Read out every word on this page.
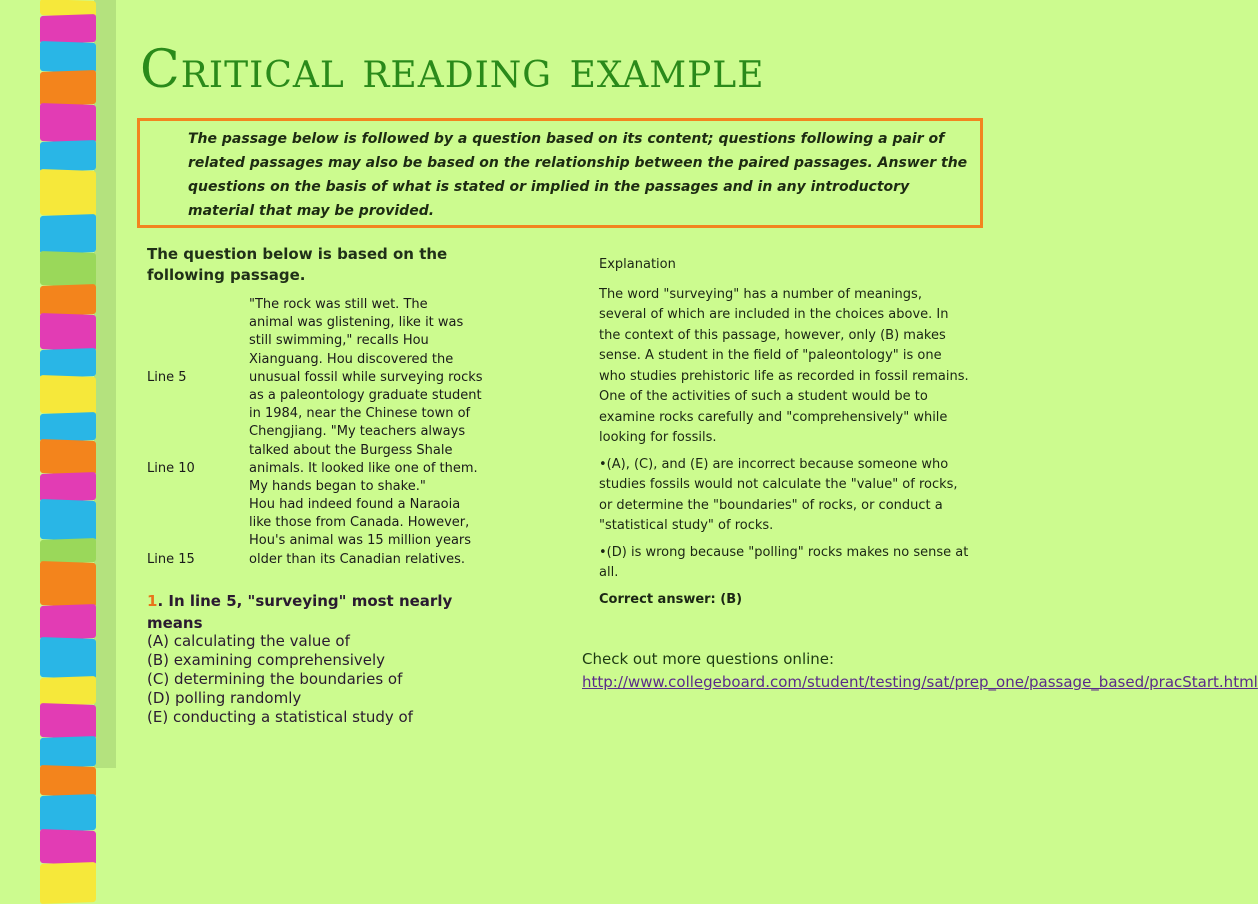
Critical reading example
The passage below is followed by a question based on its content; questions following a pair of related passages may also be based on the relationship between the paired passages. Answer the questions on the basis of what is stated or implied in the passages and in any introductory material that may be provided.
The question below is based on the following passage.
"The rock was still wet. The
animal was glistening, like it was
still swimming," recalls Hou
Xianguang. Hou discovered the
Line 5	unusual fossil while surveying rocks
as a paleontology graduate student
in 1984, near the Chinese town of
Chengjiang. "My teachers always
talked about the Burgess Shale
Line 10	animals. It looked like one of them.
My hands began to shake."
Hou had indeed found a Naraoia
like those from Canada. However,
Hou's animal was 15 million years
Line 15	older than its Canadian relatives.
1. In line 5, "surveying" most nearly means
(A) calculating the value of
(B) examining comprehensively
(C) determining the boundaries of
(D) polling randomly
(E) conducting a statistical study of
Explanation

The word "surveying" has a number of meanings, several of which are included in the choices above. In the context of this passage, however, only (B) makes sense. A student in the field of "paleontology" is one who studies prehistoric life as recorded in fossil remains. One of the activities of such a student would be to examine rocks carefully and "comprehensively" while looking for fossils.

•(A), (C), and (E) are incorrect because someone who studies fossils would not calculate the "value" of rocks, or determine the "boundaries" of rocks, or conduct a "statistical study" of rocks.

•(D) is wrong because "polling" rocks makes no sense at all.

Correct answer: (B)
Check out more questions online:
http://www.collegeboard.com/student/testing/sat/prep_one/passage_based/pracStart.html
